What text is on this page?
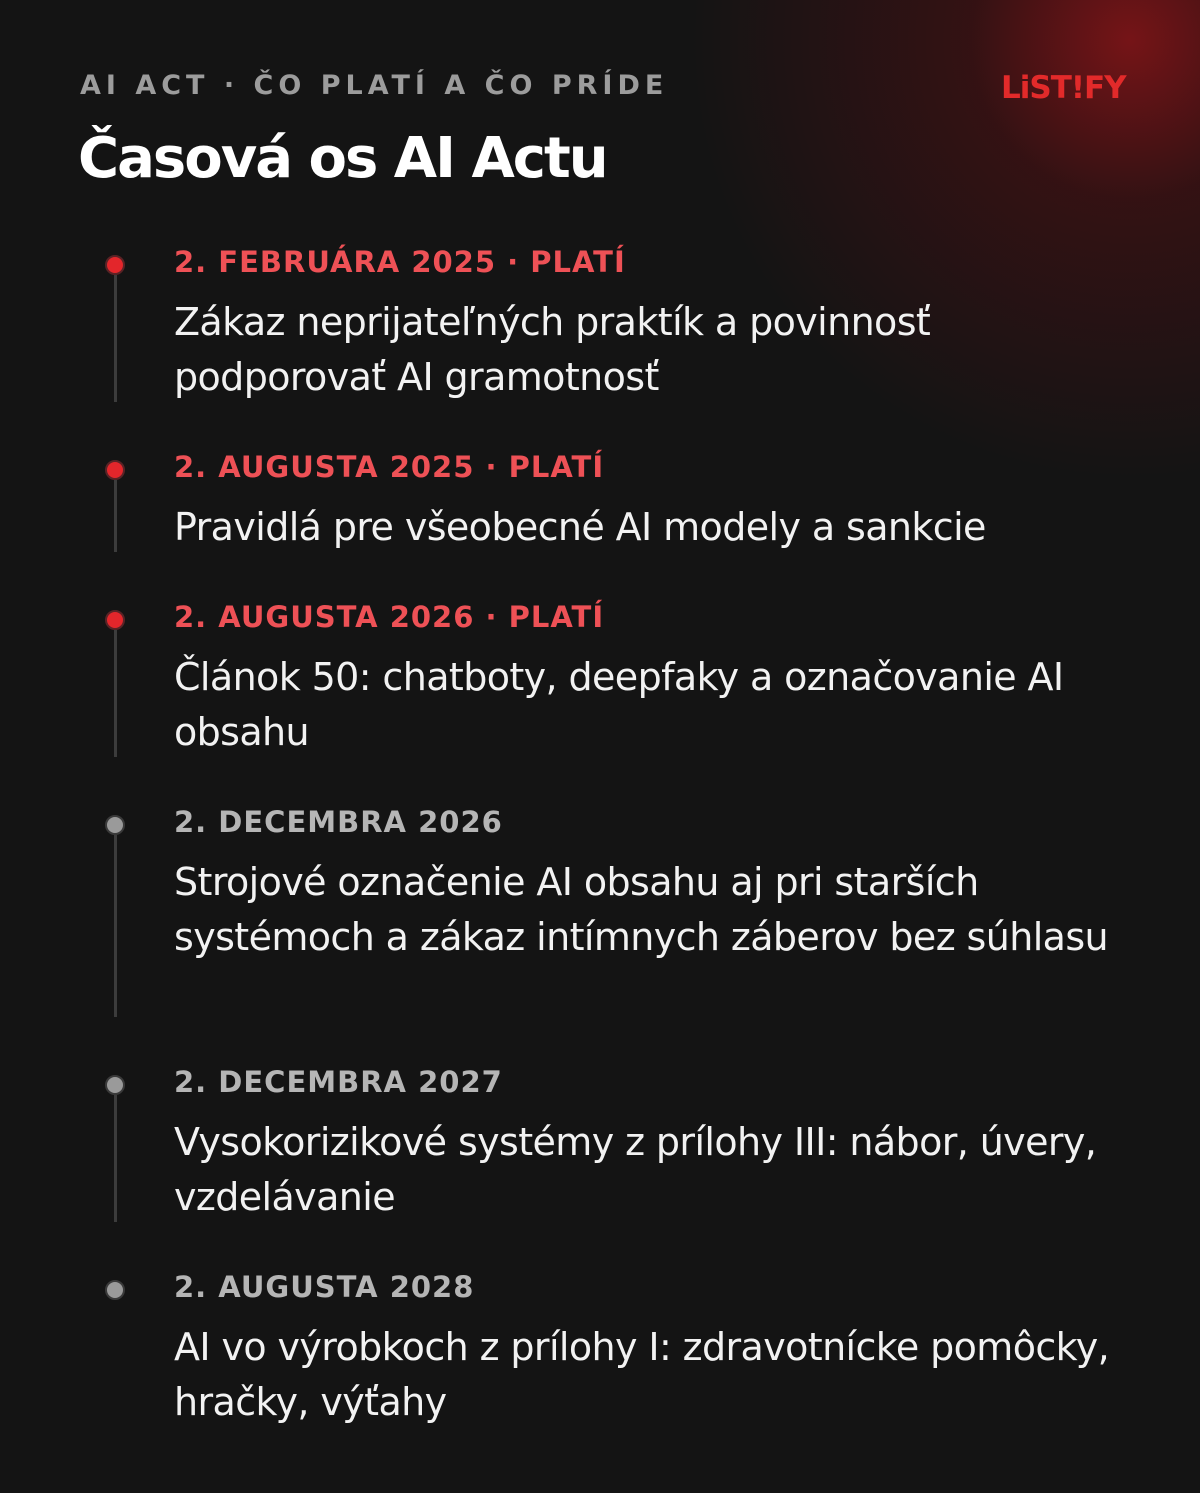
AI ACT · ČO PLATÍ A ČO PRÍDE
Časová os AI Actu
LiST!FY
2. FEBRUÁRA 2025 · PLATÍ
Zákaz neprijateľných praktík a povinnosť podporovať AI gramotnosť
2. AUGUSTA 2025 · PLATÍ
Pravidlá pre všeobecné AI modely a sankcie
2. AUGUSTA 2026 · PLATÍ
Článok 50: chatboty, deepfaky a označovanie AI obsahu
2. DECEMBRA 2026
Strojové označenie AI obsahu aj pri starších systémoch a zákaz intímnych záberov bez súhlasu
2. DECEMBRA 2027
Vysokorizikové systémy z prílohy III: nábor, úvery, vzdelávanie
2. AUGUSTA 2028
AI vo výrobkoch z prílohy I: zdravotnícke pomôcky, hračky, výťahy
